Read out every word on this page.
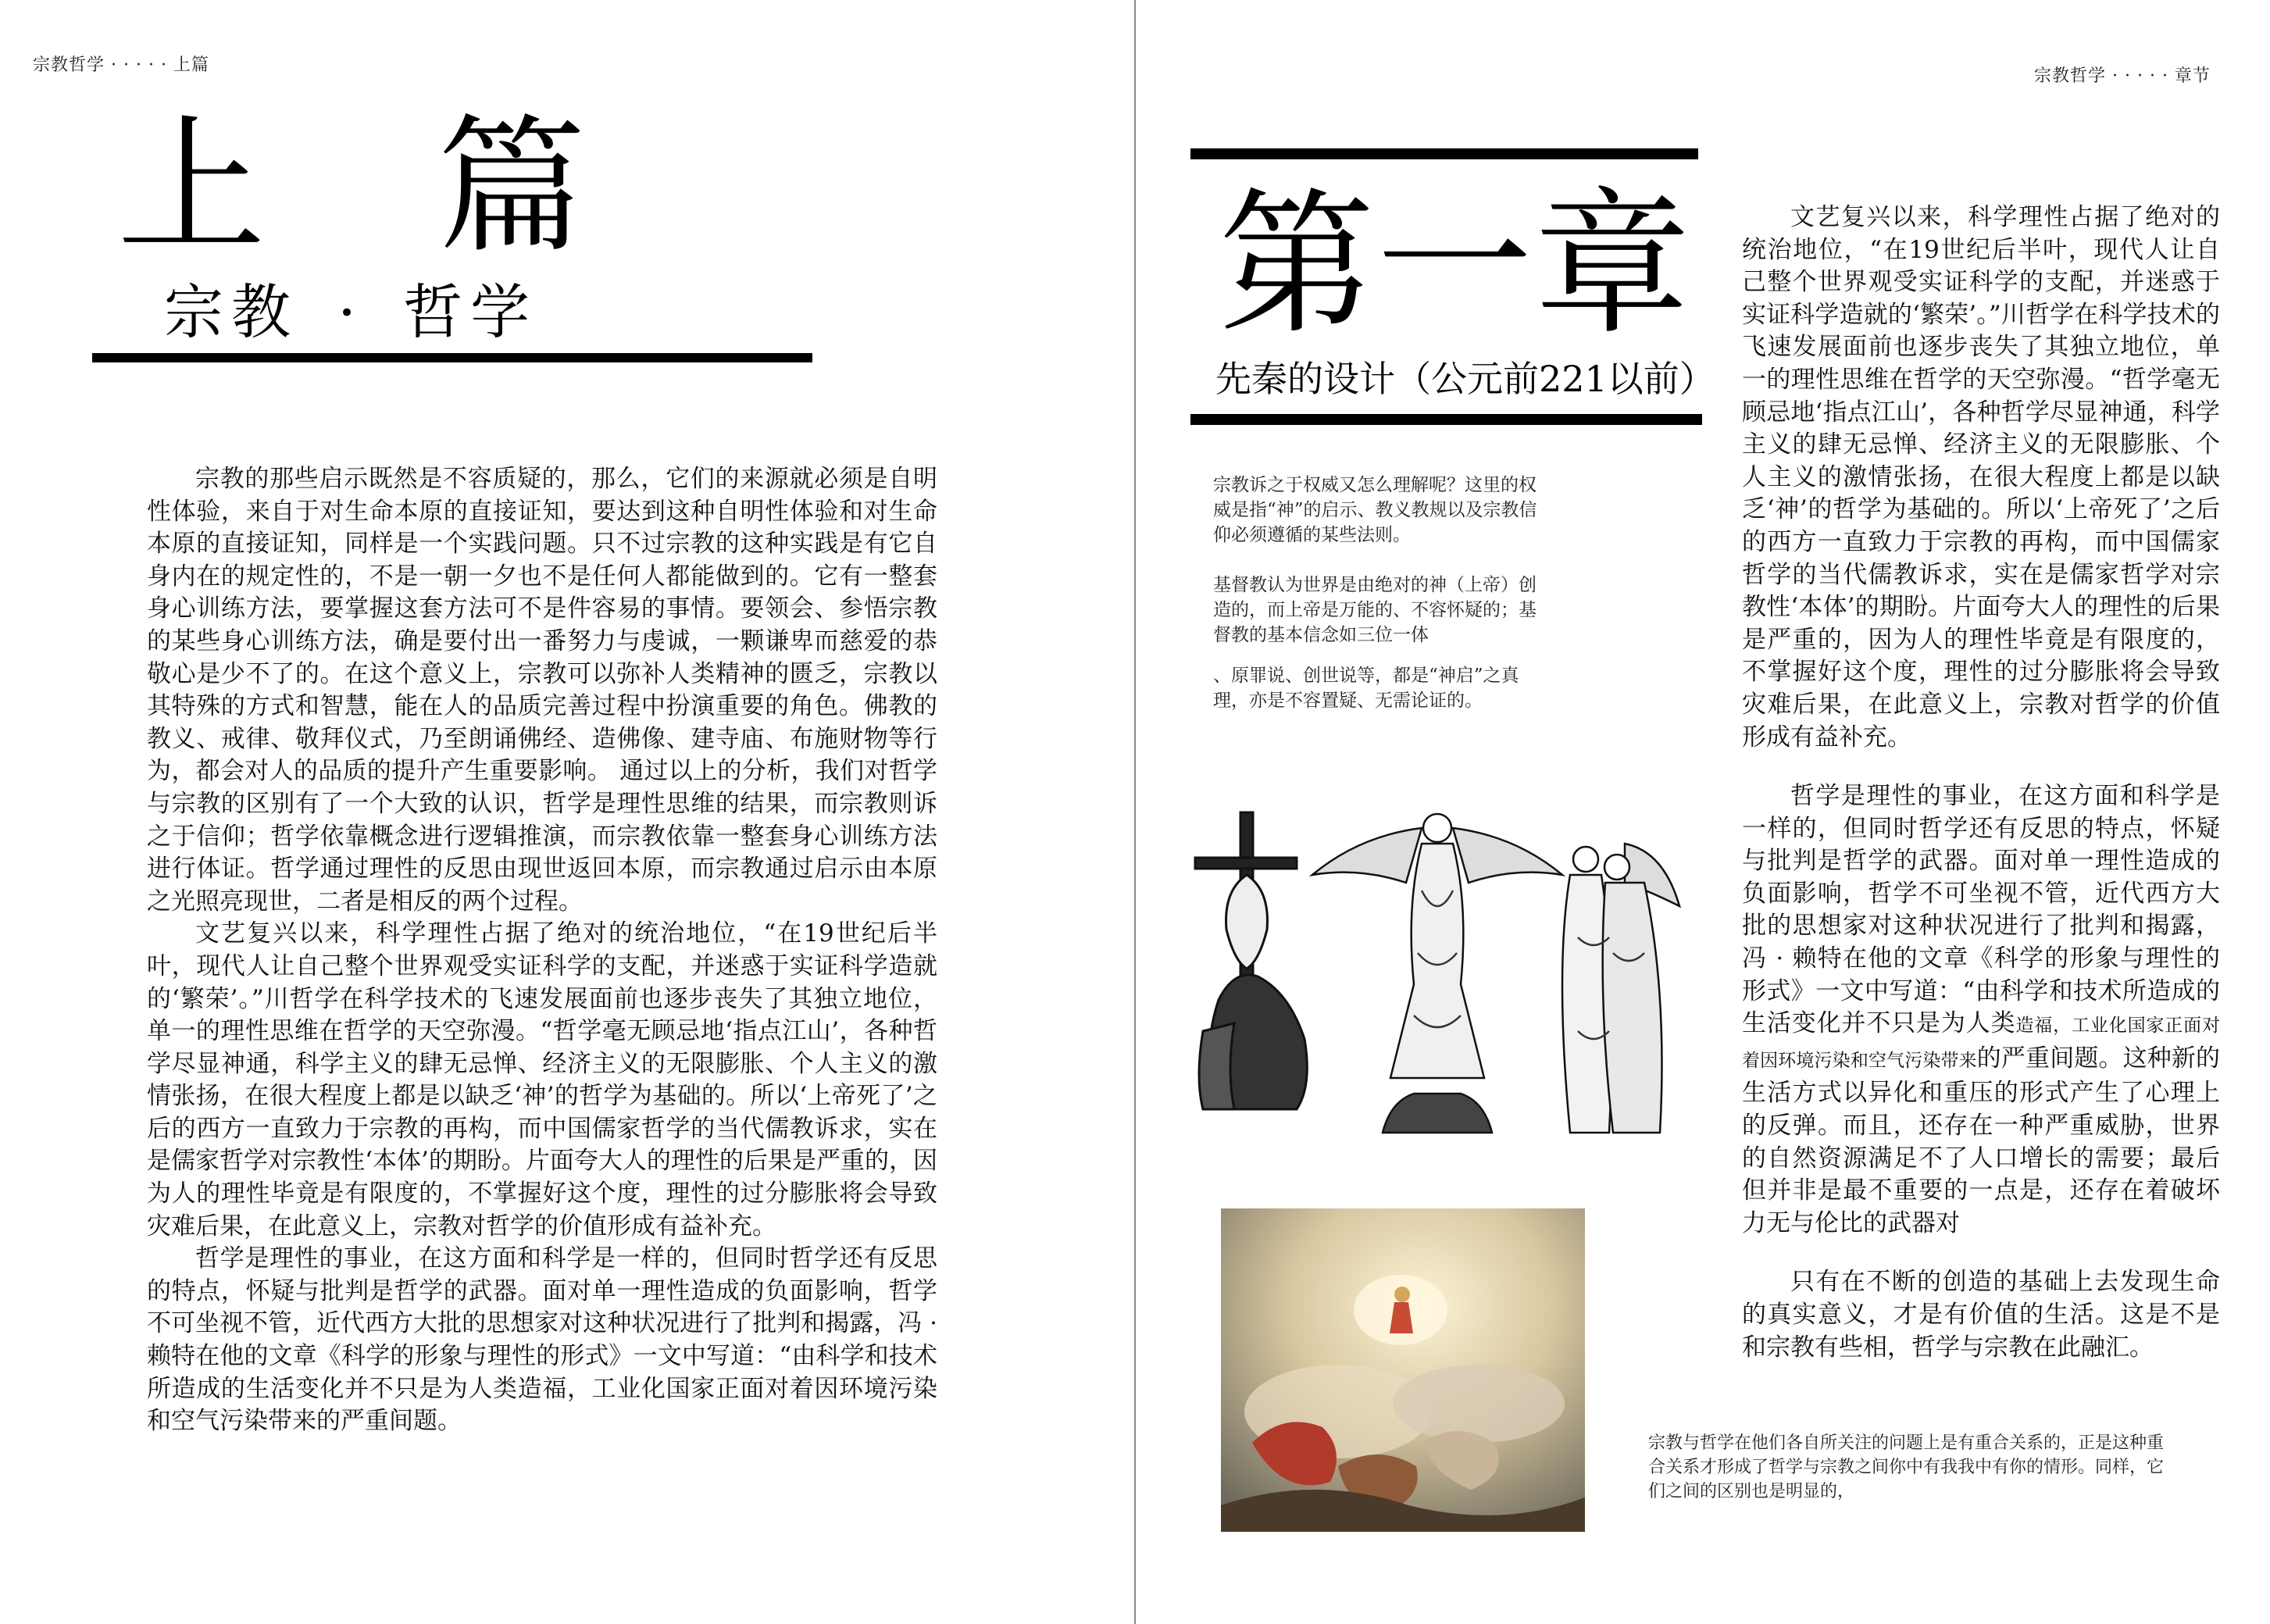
宗教哲学 · · · · · 上篇
上 篇
宗教 · 哲学

宗教的那些启示既然是不容质疑的，那么，它们的来源就必须是自明性体验，来自于对生命本原的直接证知，要达到这种自明性体验和对生命本原的直接证知，同样是一个实践问题。只不过宗教的这种实践是有它自身内在的规定性的，不是一朝一夕也不是任何人都能做到的。它有一整套身心训练方法，要掌握这套方法可不是件容易的事情。要领会、参悟宗教的某些身心训练方法，确是要付出一番努力与虔诚，一颗谦卑而慈爱的恭敬心是少不了的。在这个意义上，宗教可以弥补人类精神的匮乏，宗教以其特殊的方式和智慧，能在人的品质完善过程中扮演重要的角色。佛教的教义、戒律、敬拜仪式，乃至朗诵佛经、造佛像、建寺庙、布施财物等行为，都会对人的品质的提升产生重要影响。 通过以上的分析，我们对哲学与宗教的区别有了一个大致的认识，哲学是理性思维的结果，而宗教则诉之于信仰；哲学依靠概念进行逻辑推演，而宗教依靠一整套身心训练方法进行体证。哲学通过理性的反思由现世返回本原，而宗教通过启示由本原之光照亮现世，二者是相反的两个过程。

文艺复兴以来，科学理性占据了绝对的统治地位，“在19世纪后半叶，现代人让自己整个世界观受实证科学的支配，并迷惑于实证科学造就的‘繁荣’。”川哲学在科学技术的飞速发展面前也逐步丧失了其独立地位，单一的理性思维在哲学的天空弥漫。“哲学毫无顾忌地‘指点江山’，各种哲学尽显神通，科学主义的肆无忌惮、经济主义的无限膨胀、个人主义的激情张扬，在很大程度上都是以缺乏‘神’的哲学为基础的。所以‘上帝死了’之后的西方一直致力于宗教的再构，而中国儒家哲学的当代儒教诉求，实在是儒家哲学对宗教性‘本体’的期盼。片面夸大人的理性的后果是严重的，因为人的理性毕竟是有限度的，不掌握好这个度，理性的过分膨胀将会导致灾难后果，在此意义上，宗教对哲学的价值形成有益补充。

哲学是理性的事业，在这方面和科学是一样的，但同时哲学还有反思的特点，怀疑与批判是哲学的武器。面对单一理性造成的负面影响，哲学不可坐视不管，近代西方大批的思想家对这种状况进行了批判和揭露，冯 · 赖特在他的文章《科学的形象与理性的形式》一文中写道：“由科学和技术所造成的生活变化并不只是为人类造福，工业化国家正面对着因环境污染和空气污染带来的严重间题。

宗教哲学 · · · · · 章节
第一章
先秦的设计（公元前221以前）

宗教诉之于权威又怎么理解呢？这里的权威是指“神”的启示、教义教规以及宗教信仰必须遵循的某些法则。

基督教认为世界是由绝对的神（上帝）创造的，而上帝是万能的、不容怀疑的；基督教的基本信念如三位一体

、原罪说、创世说等，都是“神启”之真理，亦是不容置疑、无需论证的。

文艺复兴以来，科学理性占据了绝对的统治地位，“在19世纪后半叶，现代人让自己整个世界观受实证科学的支配，并迷惑于实证科学造就的‘繁荣’。”川哲学在科学技术的飞速发展面前也逐步丧失了其独立地位，单一的理性思维在哲学的天空弥漫。“哲学毫无顾忌地‘指点江山’，各种哲学尽显神通，科学主义的肆无忌惮、经济主义的无限膨胀、个人主义的激情张扬，在很大程度上都是以缺乏‘神’的哲学为基础的。所以‘上帝死了’之后的西方一直致力于宗教的再构，而中国儒家哲学的当代儒教诉求，实在是儒家哲学对宗教性‘本体’的期盼。片面夸大人的理性的后果是严重的，因为人的理性毕竟是有限度的，不掌握好这个度，理性的过分膨胀将会导致灾难后果，在此意义上，宗教对哲学的价值形成有益补充。

哲学是理性的事业，在这方面和科学是一样的，但同时哲学还有反思的特点，怀疑与批判是哲学的武器。面对单一理性造成的负面影响，哲学不可坐视不管，近代西方大批的思想家对这种状况进行了批判和揭露，冯 · 赖特在他的文章《科学的形象与理性的形式》一文中写道：“由科学和技术所造成的生活变化并不只是为人类造福，工业化国家正面对着因环境污染和空气污染带来的严重间题。这种新的生活方式以异化和重压的形式产生了心理上的反弹。而且，还存在一种严重威胁，世界的自然资源满足不了人口增长的需要；最后但并非是最不重要的一点是，还存在着破坏力无与伦比的武器对

只有在不断的创造的基础上去发现生命的真实意义，才是有价值的生活。这是不是和宗教有些相，哲学与宗教在此融汇。

宗教与哲学在他们各自所关注的问题上是有重合关系的，正是这种重合关系才形成了哲学与宗教之间你中有我我中有你的情形。同样，它们之间的区别也是明显的，
